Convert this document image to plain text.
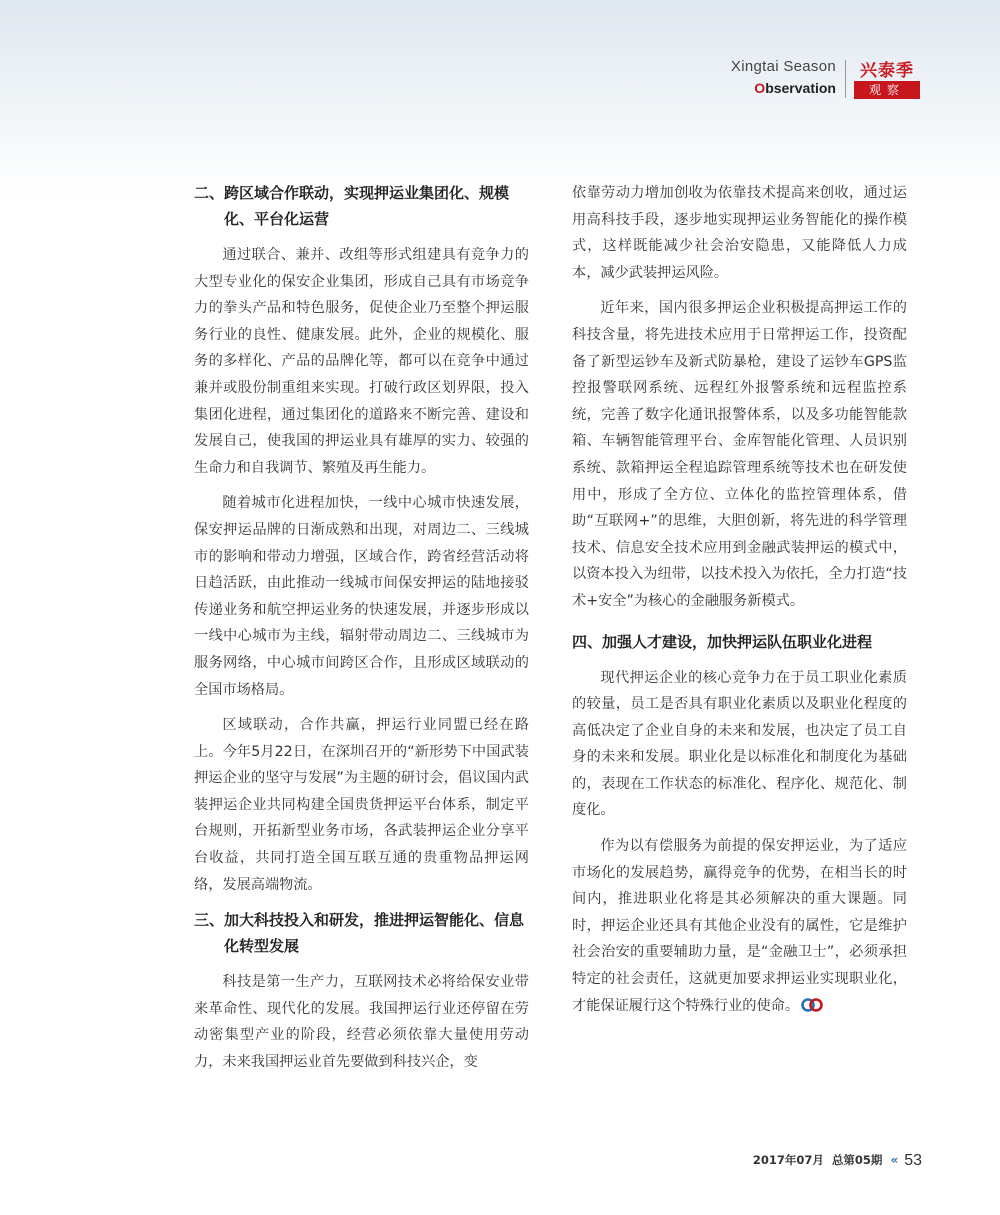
Xingtai Season
Observation
兴泰季
观察
二、跨区域合作联动，实现押运业集团化、规模化、平台化运营

通过联合、兼并、改组等形式组建具有竞争力的大型专业化的保安企业集团，形成自己具有市场竞争力的拳头产品和特色服务，促使企业乃至整个押运服务行业的良性、健康发展。此外，企业的规模化、服务的多样化、产品的品牌化等，都可以在竞争中通过兼并或股份制重组来实现。打破行政区划界限，投入集团化进程，通过集团化的道路来不断完善、建设和发展自己，使我国的押运业具有雄厚的实力、较强的生命力和自我调节、繁殖及再生能力。

随着城市化进程加快，一线中心城市快速发展，保安押运品牌的日渐成熟和出现，对周边二、三线城市的影响和带动力增强，区域合作，跨省经营活动将日趋活跃，由此推动一线城市间保安押运的陆地接驳传递业务和航空押运业务的快速发展，并逐步形成以一线中心城市为主线，辐射带动周边二、三线城市为服务网络，中心城市间跨区合作，且形成区域联动的全国市场格局。

区域联动，合作共赢，押运行业同盟已经在路上。今年5月22日，在深圳召开的“新形势下中国武装押运企业的坚守与发展”为主题的研讨会，倡议国内武装押运企业共同构建全国贵货押运平台体系，制定平台规则，开拓新型业务市场，各武装押运企业分享平台收益，共同打造全国互联互通的贵重物品押运网络，发展高端物流。

三、加大科技投入和研发，推进押运智能化、信息化转型发展

科技是第一生产力，互联网技术必将给保安业带来革命性、现代化的发展。我国押运行业还停留在劳动密集型产业的阶段，经营必须依靠大量使用劳动力，未来我国押运业首先要做到科技兴企，变

依靠劳动力增加创收为依靠技术提高来创收，通过运用高科技手段，逐步地实现押运业务智能化的操作模式，这样既能减少社会治安隐患，又能降低人力成本，减少武装押运风险。

近年来，国内很多押运企业积极提高押运工作的科技含量，将先进技术应用于日常押运工作，投资配备了新型运钞车及新式防暴枪，建设了运钞车GPS监控报警联网系统、远程红外报警系统和远程监控系统，完善了数字化通讯报警体系，以及多功能智能款箱、车辆智能管理平台、金库智能化管理、人员识别系统、款箱押运全程追踪管理系统等技术也在研发使用中，形成了全方位、立体化的监控管理体系，借助“互联网+”的思维，大胆创新，将先进的科学管理技术、信息安全技术应用到金融武装押运的模式中，以资本投入为纽带，以技术投入为依托，全力打造“技术+安全”为核心的金融服务新模式。

四、加强人才建设，加快押运队伍职业化进程

现代押运企业的核心竞争力在于员工职业化素质的较量，员工是否具有职业化素质以及职业化程度的高低决定了企业自身的未来和发展，也决定了员工自身的未来和发展。职业化是以标准化和制度化为基础的，表现在工作状态的标准化、程序化、规范化、制度化。

作为以有偿服务为前提的保安押运业，为了适应市场化的发展趋势，赢得竞争的优势，在相当长的时间内，推进职业化将是其必须解决的重大课题。同时，押运企业还具有其他企业没有的属性，它是维护社会治安的重要辅助力量，是“金融卫士”，必须承担特定的社会责任，这就更加要求押运业实现职业化，才能保证履行这个特殊行业的使命。

2017年07月 总第05期 « 53
